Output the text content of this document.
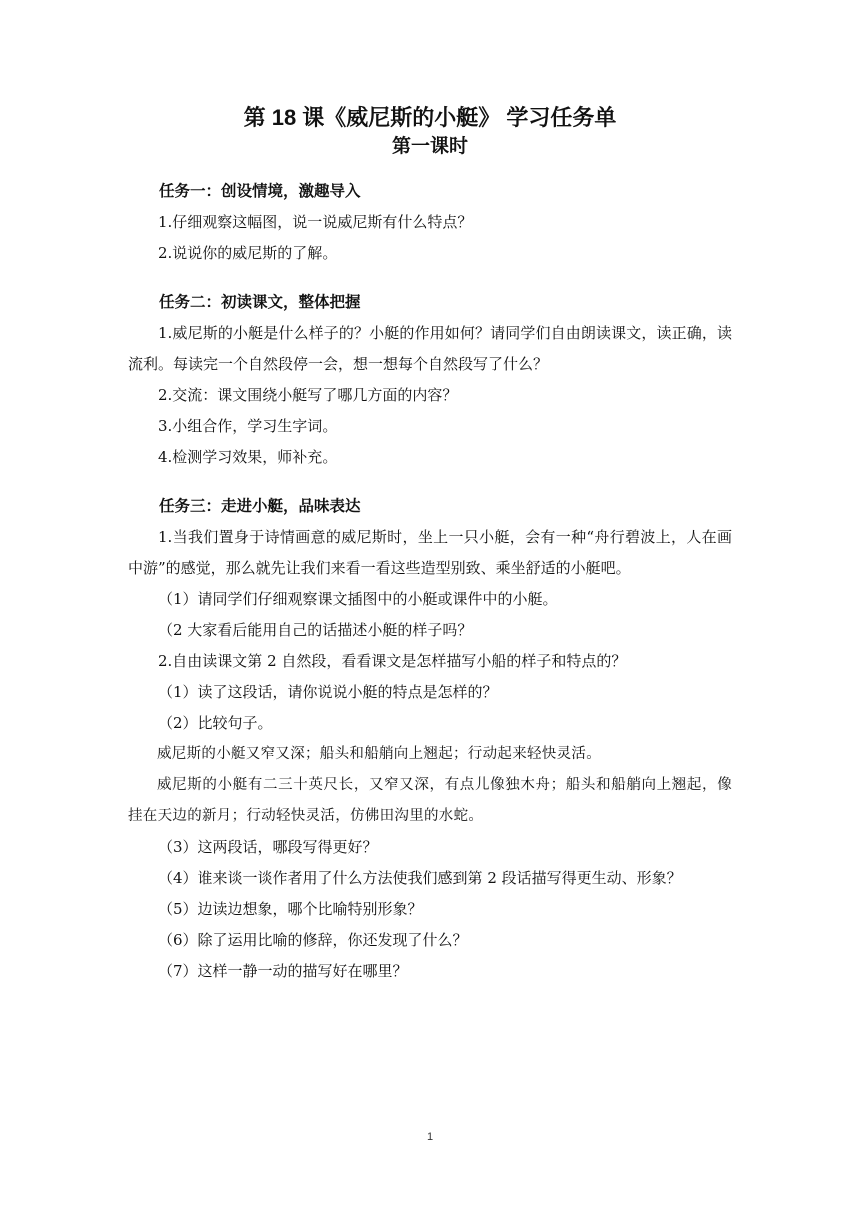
第 18 课《威尼斯的小艇》 学习任务单
第一课时

任务一：创设情境，激趣导入

1.仔细观察这幅图，说一说威尼斯有什么特点？

2.说说你的威尼斯的了解。

任务二：初读课文，整体把握

1.威尼斯的小艇是什么样子的？小艇的作用如何？请同学们自由朗读课文，读正确，读流利。每读完一个自然段停一会，想一想每个自然段写了什么？

2.交流：课文围绕小艇写了哪几方面的内容？

3.小组合作，学习生字词。

4.检测学习效果，师补充。

任务三：走进小艇，品味表达

1.当我们置身于诗情画意的威尼斯时，坐上一只小艇，会有一种“舟行碧波上，人在画中游”的感觉，那么就先让我们来看一看这些造型别致、乘坐舒适的小艇吧。

（1）请同学们仔细观察课文插图中的小艇或课件中的小艇。

（2 大家看后能用自己的话描述小艇的样子吗？

2.自由读课文第 2 自然段，看看课文是怎样描写小船的样子和特点的？

（1）读了这段话，请你说说小艇的特点是怎样的？

（2）比较句子。

威尼斯的小艇又窄又深；船头和船艄向上翘起；行动起来轻快灵活。

威尼斯的小艇有二三十英尺长，又窄又深，有点儿像独木舟；船头和船艄向上翘起，像挂在天边的新月；行动轻快灵活，仿佛田沟里的水蛇。

（3）这两段话，哪段写得更好？

（4）谁来谈一谈作者用了什么方法使我们感到第 2 段话描写得更生动、形象？

（5）边读边想象，哪个比喻特别形象？

（6）除了运用比喻的修辞，你还发现了什么？

（7）这样一静一动的描写好在哪里？

1
